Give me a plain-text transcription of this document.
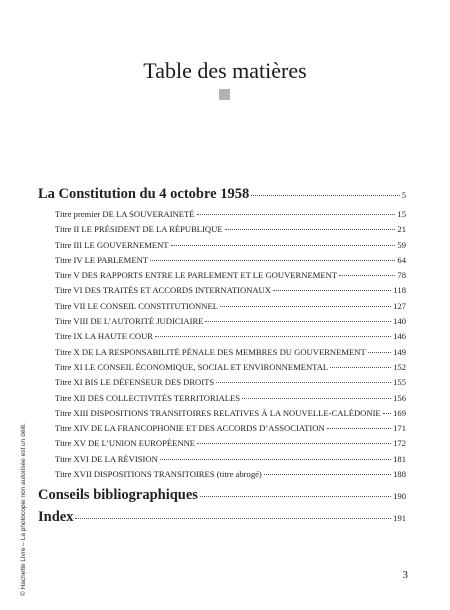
Table des matières
La Constitution du 4 octobre 1958	5
Titre premier DE LA SOUVERAINETÉ	15
Titre II LE PRÉSIDENT DE LA RÉPUBLIQUE	21
Titre III LE GOUVERNEMENT	59
Titre IV LE PARLEMENT	64
Titre V DES RAPPORTS ENTRE LE PARLEMENT ET LE GOUVERNEMENT	78
Titre VI DES TRAITÉS ET ACCORDS INTERNATIONAUX	118
Titre VII LE CONSEIL CONSTITUTIONNEL	127
Titre VIII DE L’AUTORITÉ JUDICIAIRE	140
Titre IX LA HAUTE COUR	146
Titre X DE LA RESPONSABILITÉ PÉNALE DES MEMBRES DU GOUVERNEMENT	149
Titre XI LE CONSEIL ÉCONOMIQUE, SOCIAL ET ENVIRONNEMENTAL	152
Titre XI BIS LE DÉFENSEUR DES DROITS	155
Titre XII DES COLLECTIVITÉS TERRITORIALES	156
Titre XIII DISPOSITIONS TRANSITOIRES RELATIVES À LA NOUVELLE-CALÉDONIE 169
Titre XIV DE LA FRANCOPHONIE ET DES ACCORDS D’ASSOCIATION	171
Titre XV DE L’UNION EUROPÉENNE	172
Titre XVI DE LA RÉVISION	181
Titre XVII DISPOSITIONS TRANSITOIRES (titre abrogé)	188
Conseils bibliographiques	190
Index	191
© Hachette Livre – La photocopie non autorisée est un délit.	3
